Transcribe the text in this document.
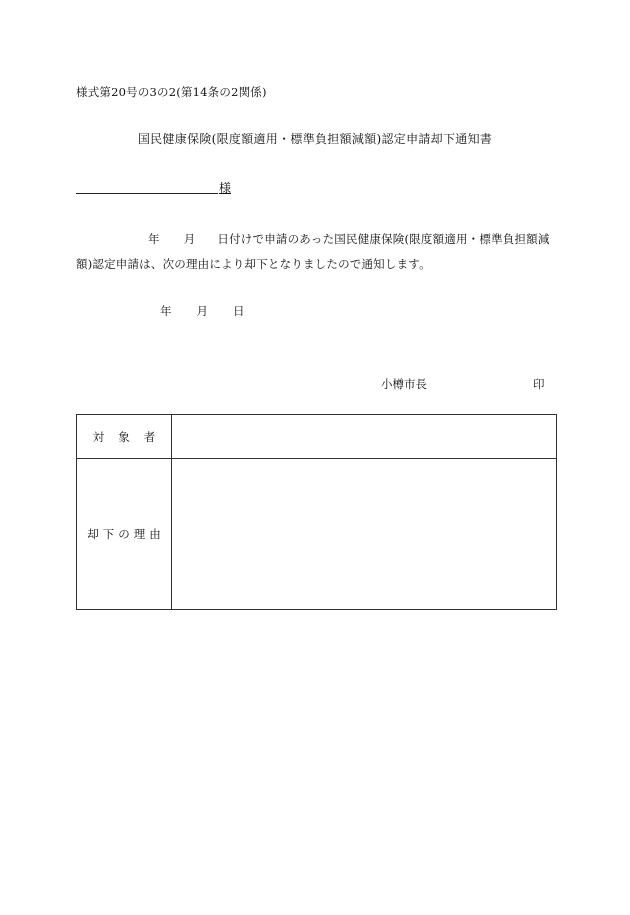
様式第20号の3の2(第14条の2関係)
国民健康保険(限度額適用・標準負担額減額)認定申請却下通知書
様
年 月 日付けで申請のあった国民健康保険(限度額適用・標準負担額減
額)認定申請は、次の理由により却下となりましたので通知します。
年 月 日
小樽市長	印
対象者	
却下の理由	
